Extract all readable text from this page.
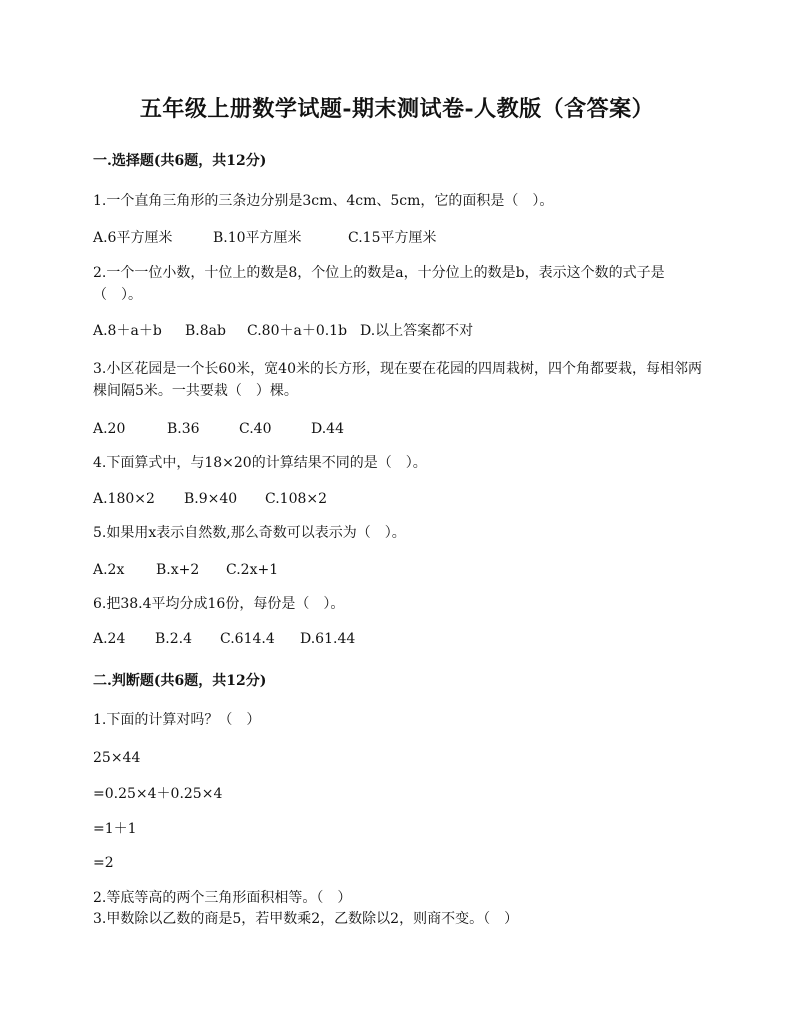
五年级上册数学试题-期末测试卷-人教版（含答案）
一.选择题(共6题，共12分)
1.一个直角三角形的三条边分别是3cm、4cm、5cm，它的面积是（　）。
A.6平方厘米	B.10平方厘米	C.15平方厘米
2.一个一位小数，十位上的数是8，个位上的数是a，十分位上的数是b，表示这个数的式子是（　）。
A.8＋a＋b	B.8ab	C.80＋a＋0.1b D.以上答案都不对
3.小区花园是一个长60米，宽40米的长方形，现在要在花园的四周栽树，四个角都要栽，每相邻两棵间隔5米。一共要栽（　）棵。
A.20	B.36	C.40	D.44
4.下面算式中，与18×20的计算结果不同的是（　）。
A.180×2	B.9×40	C.108×2
5.如果用x表示自然数,那么奇数可以表示为（　）。
A.2x	B.x+2	C.2x+1
6.把38.4平均分成16份，每份是（　）。
A.24	B.2.4	C.614.4	D.61.44
二.判断题(共6题，共12分)
1.下面的计算对吗？（　）
25×44
=0.25×4＋0.25×4
=1＋1
=2
2.等底等高的两个三角形面积相等。（　）
3.甲数除以乙数的商是5，若甲数乘2，乙数除以2，则商不变。（　）
